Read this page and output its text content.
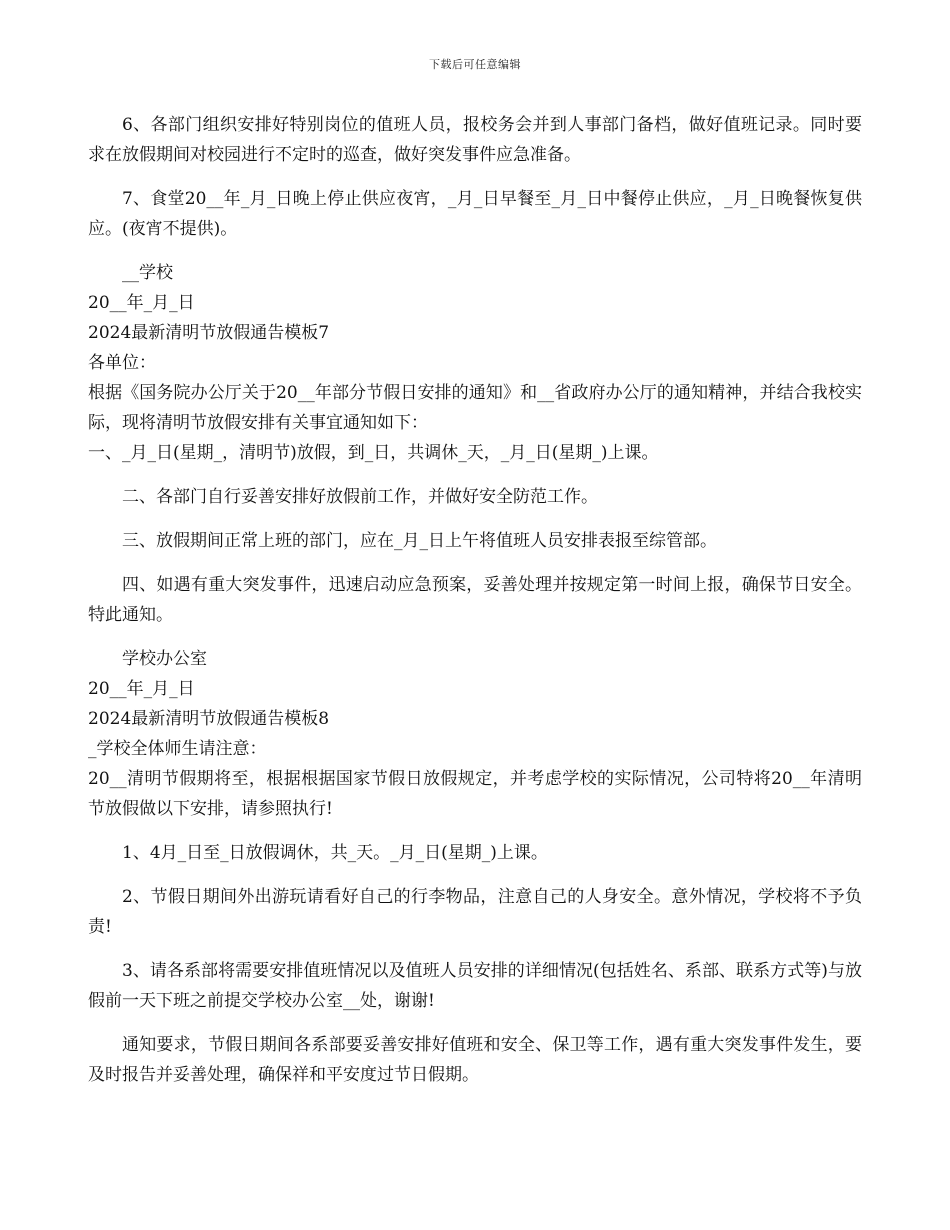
下载后可任意编辑

6、各部门组织安排好特别岗位的值班人员，报校务会并到人事部门备档，做好值班记录。同时要求在放假期间对校园进行不定时的巡查，做好突发事件应急准备。

7、食堂20__年_月_日晚上停止供应夜宵，_月_日早餐至_月_日中餐停止供应，_月_日晚餐恢复供应。(夜宵不提供)。

__学校

20__年_月_日

2024最新清明节放假通告模板7

各单位：

根据《国务院办公厅关于20__年部分节假日安排的通知》和__省政府办公厅的通知精神，并结合我校实际，现将清明节放假安排有关事宜通知如下：

一、_月_日(星期_，清明节)放假，到_日，共调休_天，_月_日(星期_)上课。

二、各部门自行妥善安排好放假前工作，并做好安全防范工作。

三、放假期间正常上班的部门，应在_月_日上午将值班人员安排表报至综管部。

四、如遇有重大突发事件，迅速启动应急预案，妥善处理并按规定第一时间上报，确保节日安全。特此通知。

学校办公室

20__年_月_日

2024最新清明节放假通告模板8

_学校全体师生请注意：

20__清明节假期将至，根据根据国家节假日放假规定，并考虑学校的实际情况，公司特将20__年清明节放假做以下安排，请参照执行!

1、4月_日至_日放假调休，共_天。_月_日(星期_)上课。

2、节假日期间外出游玩请看好自己的行李物品，注意自己的人身安全。意外情况，学校将不予负责!

3、请各系部将需要安排值班情况以及值班人员安排的详细情况(包括姓名、系部、联系方式等)与放假前一天下班之前提交学校办公室__处，谢谢!

通知要求，节假日期间各系部要妥善安排好值班和安全、保卫等工作，遇有重大突发事件发生，要及时报告并妥善处理，确保祥和平安度过节日假期。
